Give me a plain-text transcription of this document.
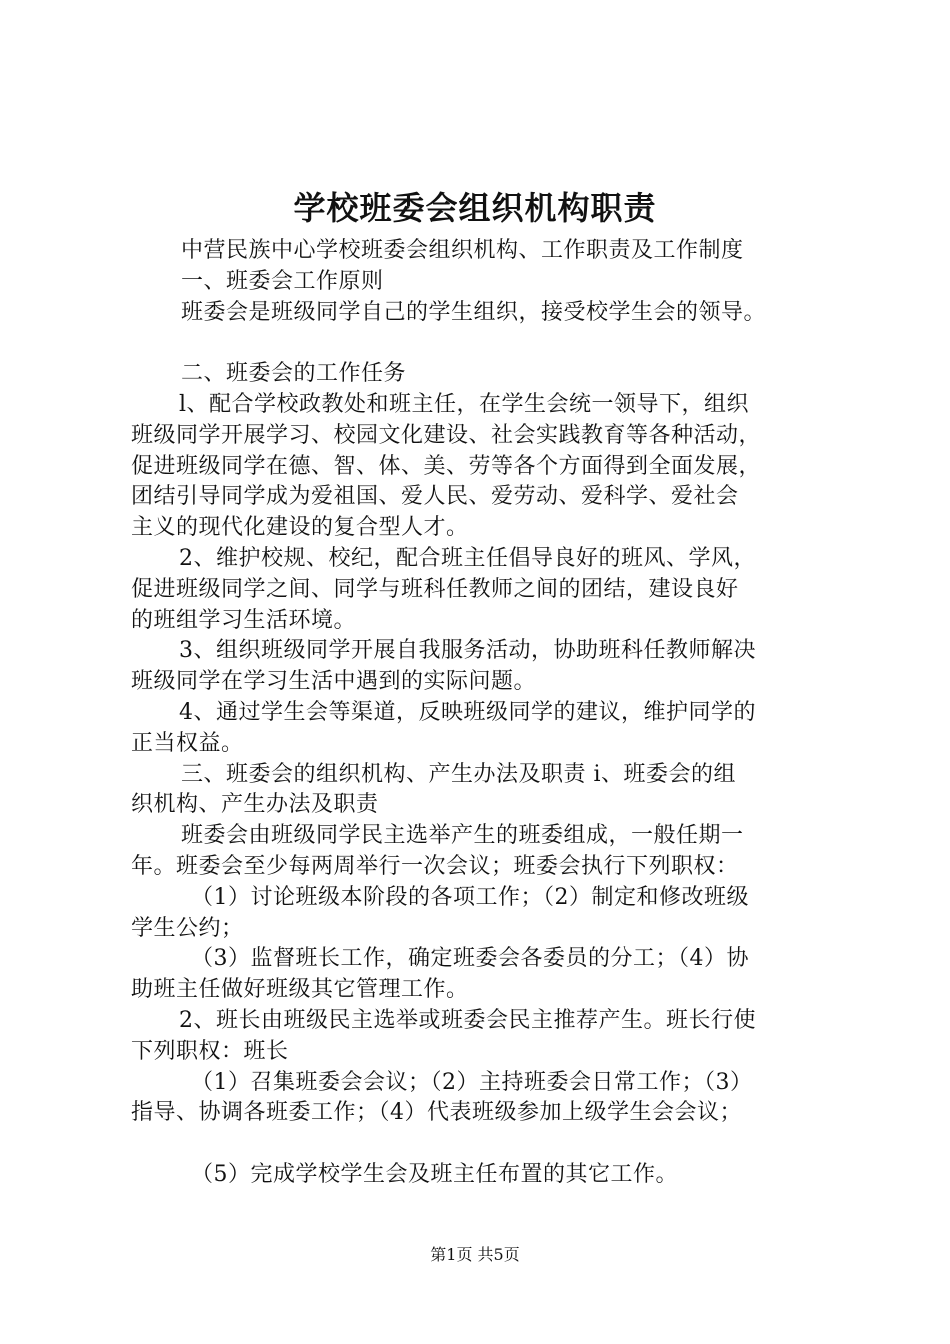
学校班委会组织机构职责
中营民族中心学校班委会组织机构、工作职责及工作制度
一、班委会工作原则
班委会是班级同学自己的学生组织，接受校学生会的领导。
二、班委会的工作任务
l、配合学校政教处和班主任，在学生会统一领导下，组织
班级同学开展学习、校园文化建设、社会实践教育等各种活动，
促进班级同学在德、智、体、美、劳等各个方面得到全面发展，
团结引导同学成为爱祖国、爱人民、爱劳动、爱科学、爱社会
主义的现代化建设的复合型人才。
2、维护校规、校纪，配合班主任倡导良好的班风、学风，
促进班级同学之间、同学与班科任教师之间的团结，建设良好
的班组学习生活环境。
3、组织班级同学开展自我服务活动，协助班科任教师解决
班级同学在学习生活中遇到的实际问题。
4、通过学生会等渠道，反映班级同学的建议，维护同学的
正当权益。
三、班委会的组织机构、产生办法及职责 i、班委会的组
织机构、产生办法及职责
班委会由班级同学民主选举产生的班委组成，一般任期一
年。班委会至少每两周举行一次会议；班委会执行下列职权：
（1）讨论班级本阶段的各项工作；（2）制定和修改班级
学生公约；
（3）监督班长工作，确定班委会各委员的分工；（4）协
助班主任做好班级其它管理工作。
2、班长由班级民主选举或班委会民主推荐产生。班长行使
下列职权：班长
（1）召集班委会会议；（2）主持班委会日常工作；（3）
指导、协调各班委工作；（4）代表班级参加上级学生会会议；
（5）完成学校学生会及班主任布置的其它工作。
第1页 共5页
